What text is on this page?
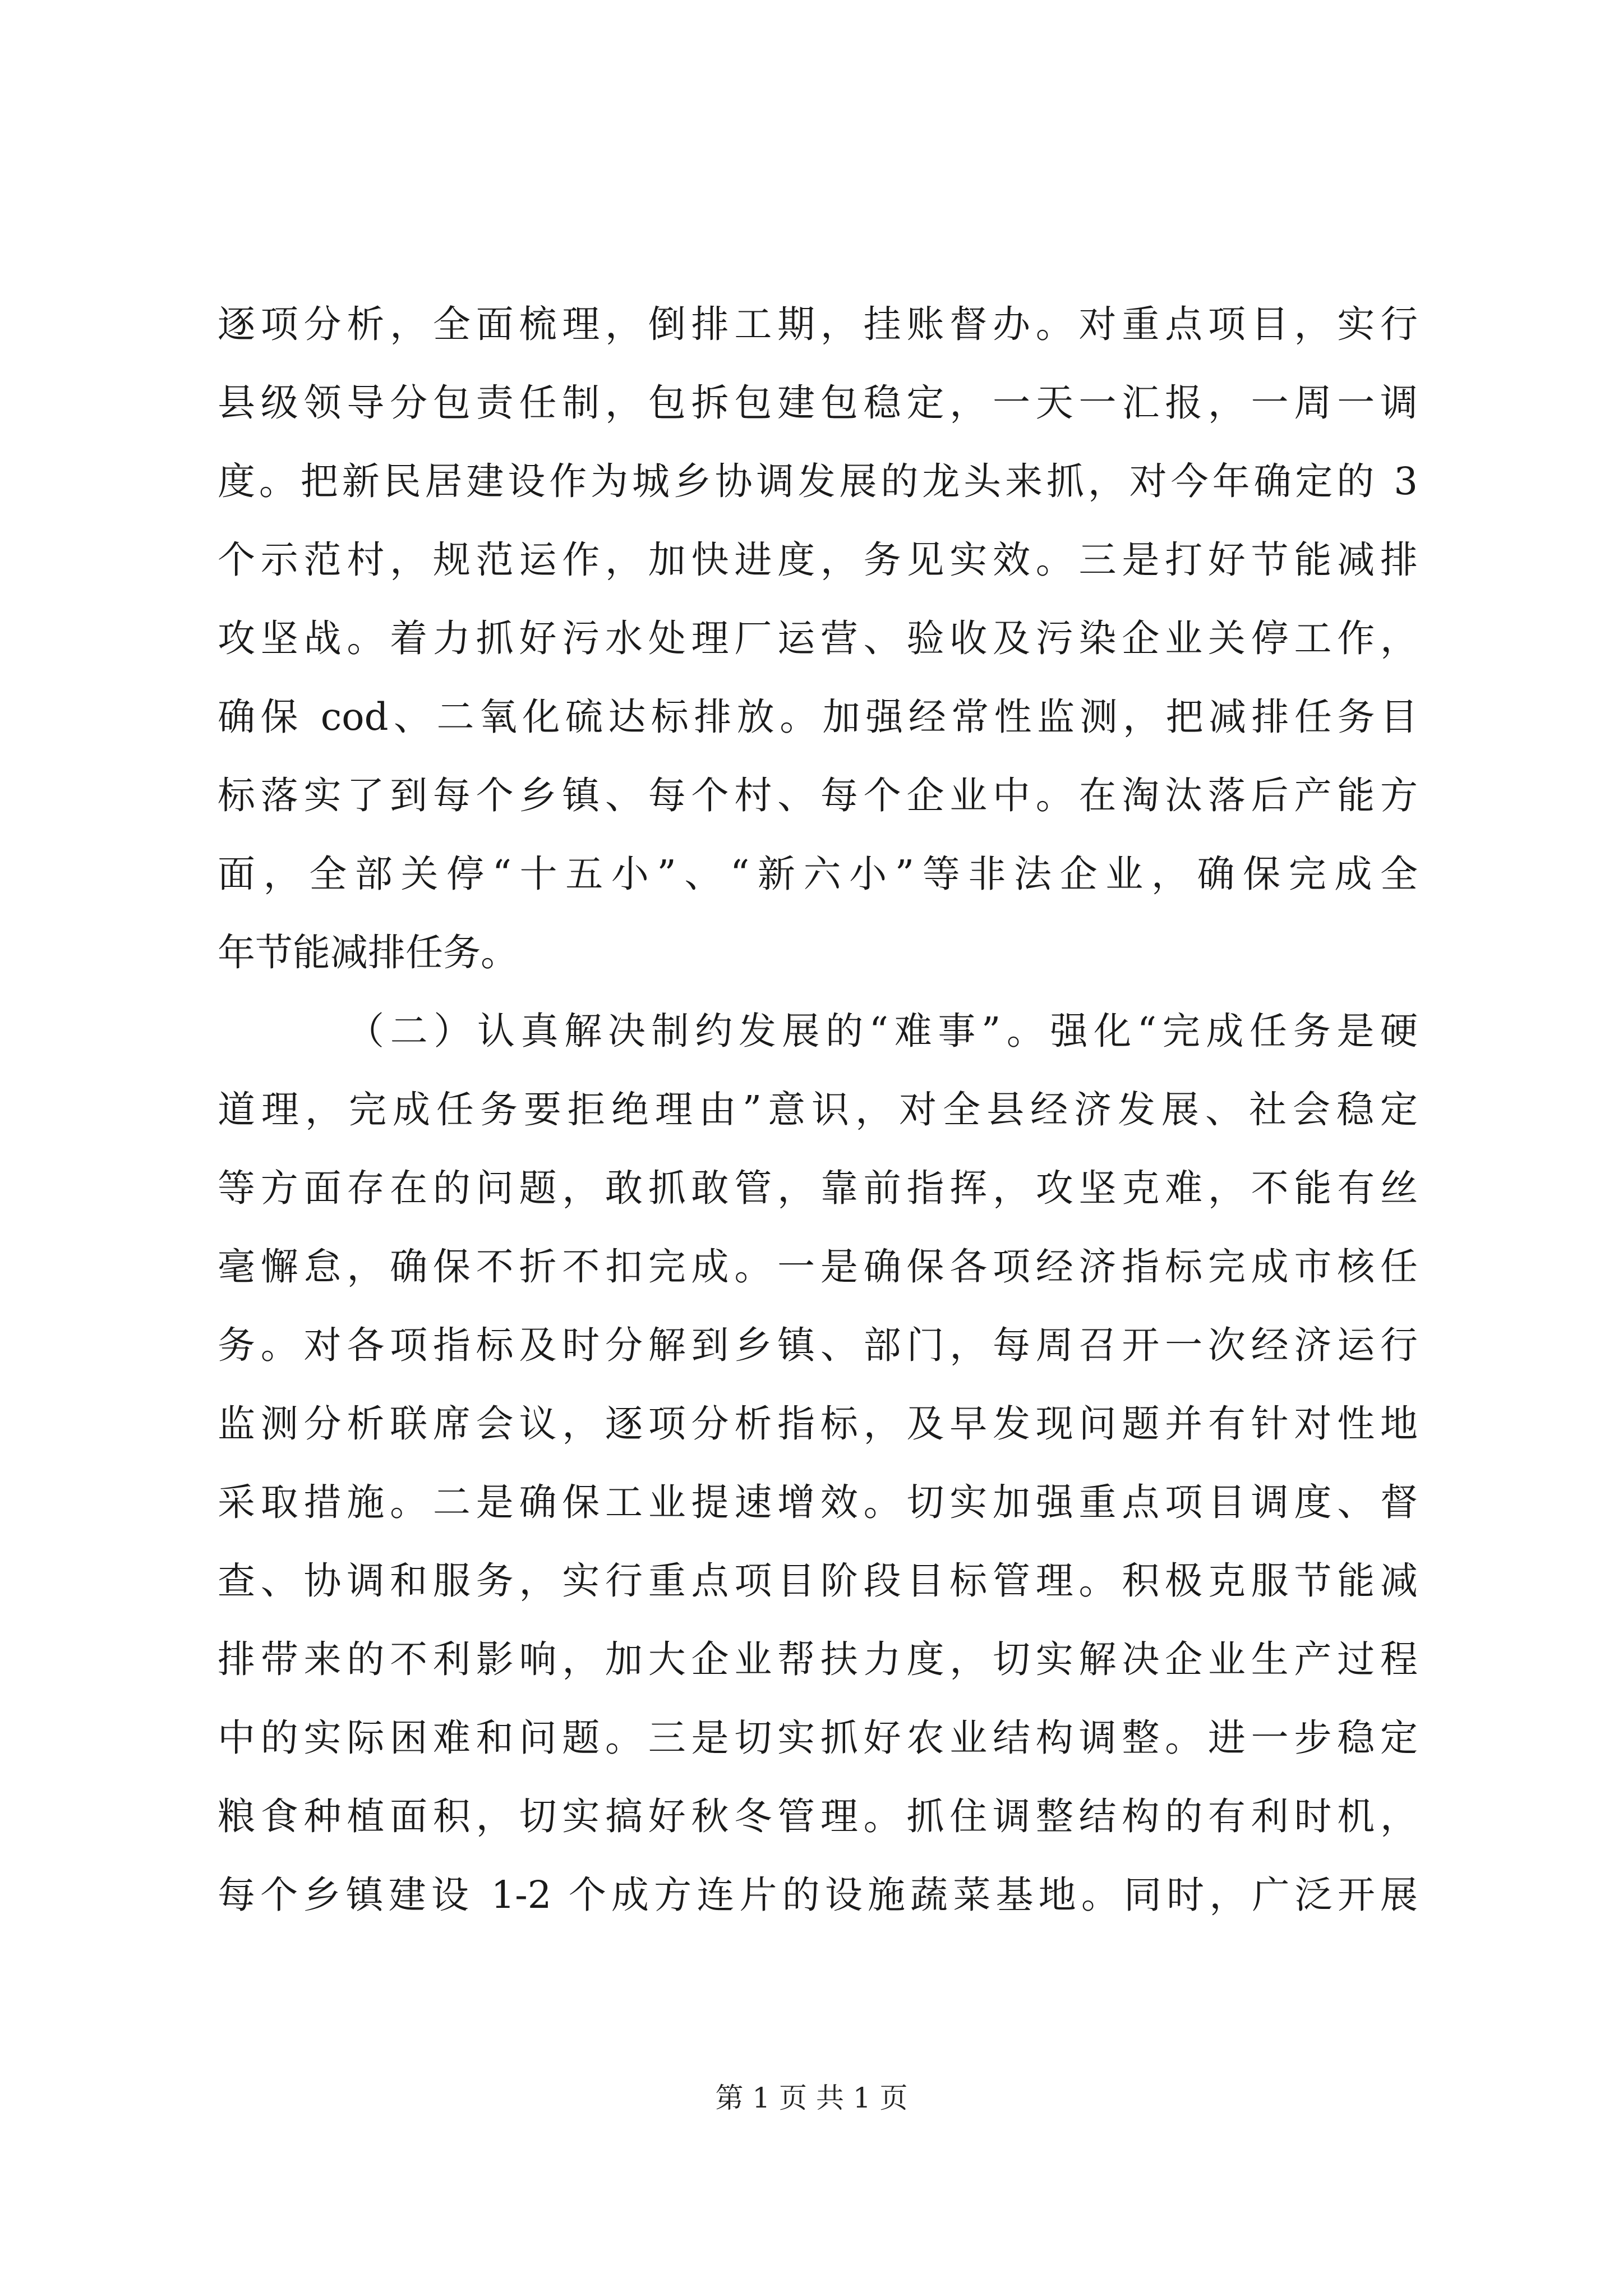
逐项分析，全面梳理，倒排工期，挂账督办。对重点项目，实行
县级领导分包责任制，包拆包建包稳定，一天一汇报，一周一调
度。把新民居建设作为城乡协调发展的龙头来抓，对今年确定的 3
个示范村，规范运作，加快进度，务见实效。三是打好节能减排
攻坚战。着力抓好污水处理厂运营、验收及污染企业关停工作，
确保 cod、二氧化硫达标排放。加强经常性监测，把减排任务目
标落实了到每个乡镇、每个村、每个企业中。在淘汰落后产能方
面，全部关停“十五小”、“新六小”等非法企业，确保完成全
年节能减排任务。
（二）认真解决制约发展的“难事”。强化“完成任务是硬
道理，完成任务要拒绝理由”意识，对全县经济发展、社会稳定
等方面存在的问题，敢抓敢管，靠前指挥，攻坚克难，不能有丝
毫懈怠，确保不折不扣完成。一是确保各项经济指标完成市核任
务。对各项指标及时分解到乡镇、部门，每周召开一次经济运行
监测分析联席会议，逐项分析指标，及早发现问题并有针对性地
采取措施。二是确保工业提速增效。切实加强重点项目调度、督
查、协调和服务，实行重点项目阶段目标管理。积极克服节能减
排带来的不利影响，加大企业帮扶力度，切实解决企业生产过程
中的实际困难和问题。三是切实抓好农业结构调整。进一步稳定
粮食种植面积，切实搞好秋冬管理。抓住调整结构的有利时机，
每个乡镇建设 1-2 个成方连片的设施蔬菜基地。同时，广泛开展
第 1 页 共 1 页
